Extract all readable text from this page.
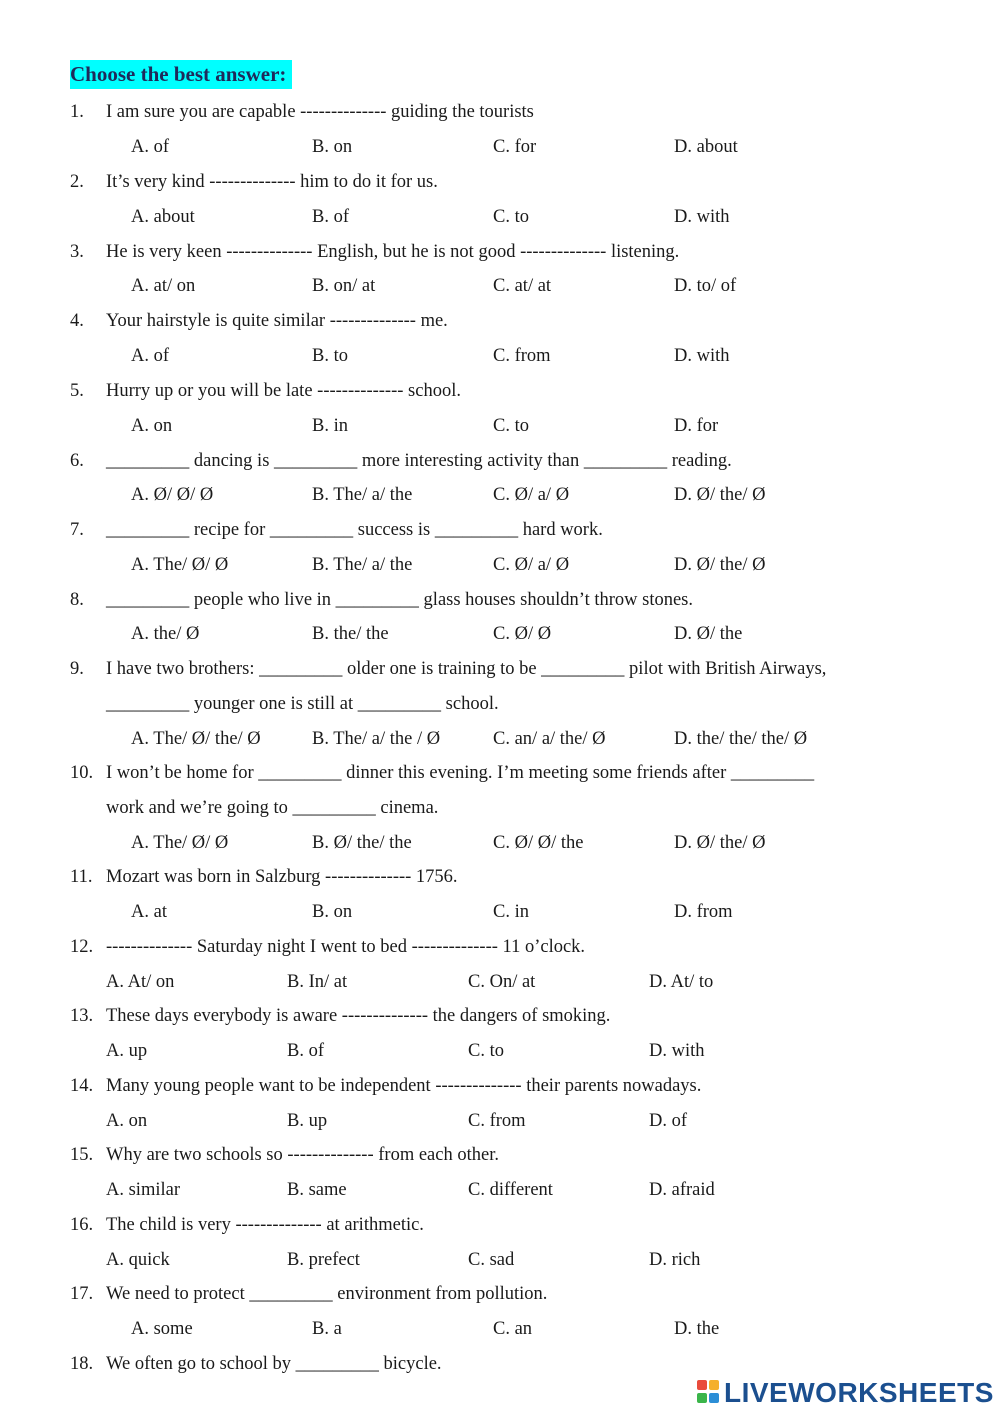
Choose the best answer:
1. I am sure you are capable -------------- guiding the tourists
A. of	B. on	C. for	D. about
2. It’s very kind -------------- him to do it for us.
A. about	B. of	C. to	D. with
3. He is very keen -------------- English, but he is not good -------------- listening.
A. at/ on	B. on/ at	C. at/ at	D. to/ of
4. Your hairstyle is quite similar -------------- me.
A. of	B. to	C. from	D. with
5. Hurry up or you will be late -------------- school.
A. on	B. in	C. to	D. for
6. _________ dancing is _________ more interesting activity than _________ reading.
A. Ø/ Ø/ Ø	B. The/ a/ the	C. Ø/ a/ Ø	D. Ø/ the/ Ø
7. _________ recipe for _________ success is _________ hard work.
A. The/ Ø/ Ø	B. The/ a/ the	C. Ø/ a/ Ø	D. Ø/ the/ Ø
8. _________ people who live in _________ glass houses shouldn’t throw stones.
A. the/ Ø	B. the/ the	C. Ø/ Ø	D. Ø/ the
9. I have two brothers: _________ older one is training to be _________ pilot with British Airways,
_________ younger one is still at _________ school.
A. The/ Ø/ the/ Ø	B. The/ a/ the / Ø	C. an/ a/ the/ Ø	D. the/ the/ the/ Ø
10. I won’t be home for _________ dinner this evening. I’m meeting some friends after _________
work and we’re going to _________ cinema.
A. The/ Ø/ Ø	B. Ø/ the/ the	C. Ø/ Ø/ the	D. Ø/ the/ Ø
11. Mozart was born in Salzburg -------------- 1756.
A. at	B. on	C. in	D. from
12. -------------- Saturday night I went to bed -------------- 11 o’clock.
A. At/ on	B. In/ at	C. On/ at	D. At/ to
13. These days everybody is aware -------------- the dangers of smoking.
A. up	B. of	C. to	D. with
14. Many young people want to be independent -------------- their parents nowadays.
A. on	B. up	C. from	D. of
15. Why are two schools so -------------- from each other.
A. similar	B. same	C. different	D. afraid
16. The child is very -------------- at arithmetic.
A. quick	B. prefect	C. sad	D. rich
17. We need to protect _________ environment from pollution.
A. some	B. a	C. an	D. the
18. We often go to school by _________ bicycle.
LIVEWORKSHEETS
